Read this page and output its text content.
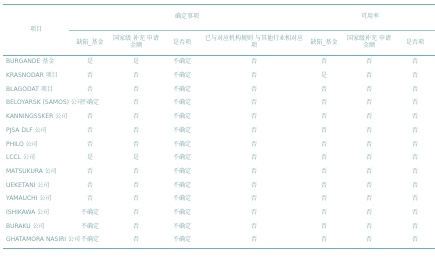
项目	确定事项				可用率		
	缺陷_基金	国家级 补充 申请金额	是否项	已与对应机构规则 与其他行业相对应项	缺陷_基金	国家级补充 申请金额	是否项
BURGANDE 基金	是	是	不确定	否	否	否	否
KRASNODAR 项目	否	否	不确定	否	是	否	否
BLAGODAT 项目	否	否	不确定	否	否	否	否
BELOYARSK (SAMOS) 公司	不确定	否	不确定	否	否	否	否
KANNINGSSKER 公司	否	否	不确定	否	否	否	否
PJSA DLF 公司	否	否	不确定	否	否	否	否
PHILO 公司	否	否	不确定	否	否	否	否
LCCL 公司	是	是	不确定	否	否	否	否
MATSUKURA 公司	否	否	不确定	否	否	否	否
UEKETANI 公司	否	否	不确定	否	否	否	否
YAMAUCHI 公司	否	否	不确定	否	否	否	否
ISHIKAWA 公司	不确定	否	不确定	否	否	否	否
BURAKU 公司	不确定	否	不确定	否	否	否	否
GHATAMORA NASIRI 公司	不确定	否	不确定	否	否	否	否
